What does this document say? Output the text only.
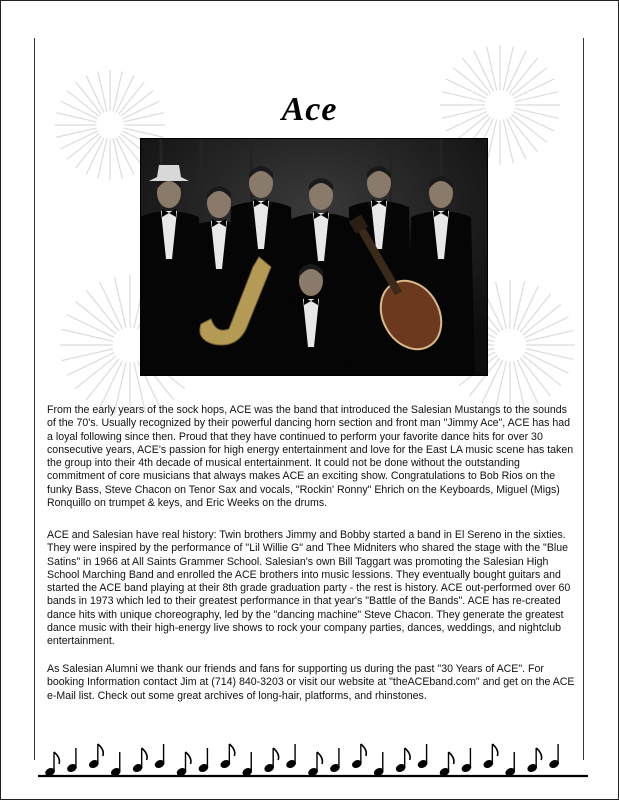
Ace

From the early years of the sock hops, ACE was the band that introduced the Salesian Mustangs to the sounds of the 70's. Usually recognized by their powerful dancing horn section and front man "Jimmy Ace", ACE has had a loyal following since then. Proud that they have continued to perform your favorite dance hits for over 30 consecutive years, ACE's passion for high energy entertainment and love for the East LA music scene has taken the group into their 4th decade of musical entertainment. It could not be done without the outstanding commitment of core musicians that always makes ACE an exciting show. Congratulations to Bob Rios on the funky Bass, Steve Chacon on Tenor Sax and vocals, "Rockin' Ronny" Ehrich on the Keyboards, Miguel (Migs) Ronquillo on trumpet & keys, and Eric Weeks on the drums.

ACE and Salesian have real history: Twin brothers Jimmy and Bobby started a band in El Sereno in the sixties. They were inspired by the performance of "Lil Willie G" and Thee Midniters who shared the stage with the "Blue Satins" in 1966 at All Saints Grammer School. Salesian's own Bill Taggart was promoting the Salesian High School Marching Band and enrolled the ACE brothers into music lessions. They eventually bought guitars and started the ACE band playing at their 8th grade graduation party - the rest is history. ACE out-performed over 60 bands in 1973 which led to their greatest performance in that year's "Battle of the Bands". ACE has re-created dance hits with unique choreography, led by the "dancing machine" Steve Chacon. They generate the greatest dance music with their high-energy live shows to rock your company parties, dances, weddings, and nightclub entertainment.

As Salesian Alumni we thank our friends and fans for supporting us during the past "30 Years of ACE". For booking Information contact Jim at (714) 840-3203 or visit our website at "theACEband.com" and get on the ACE e-Mail list. Check out some great archives of long-hair, platforms, and rhinstones.
